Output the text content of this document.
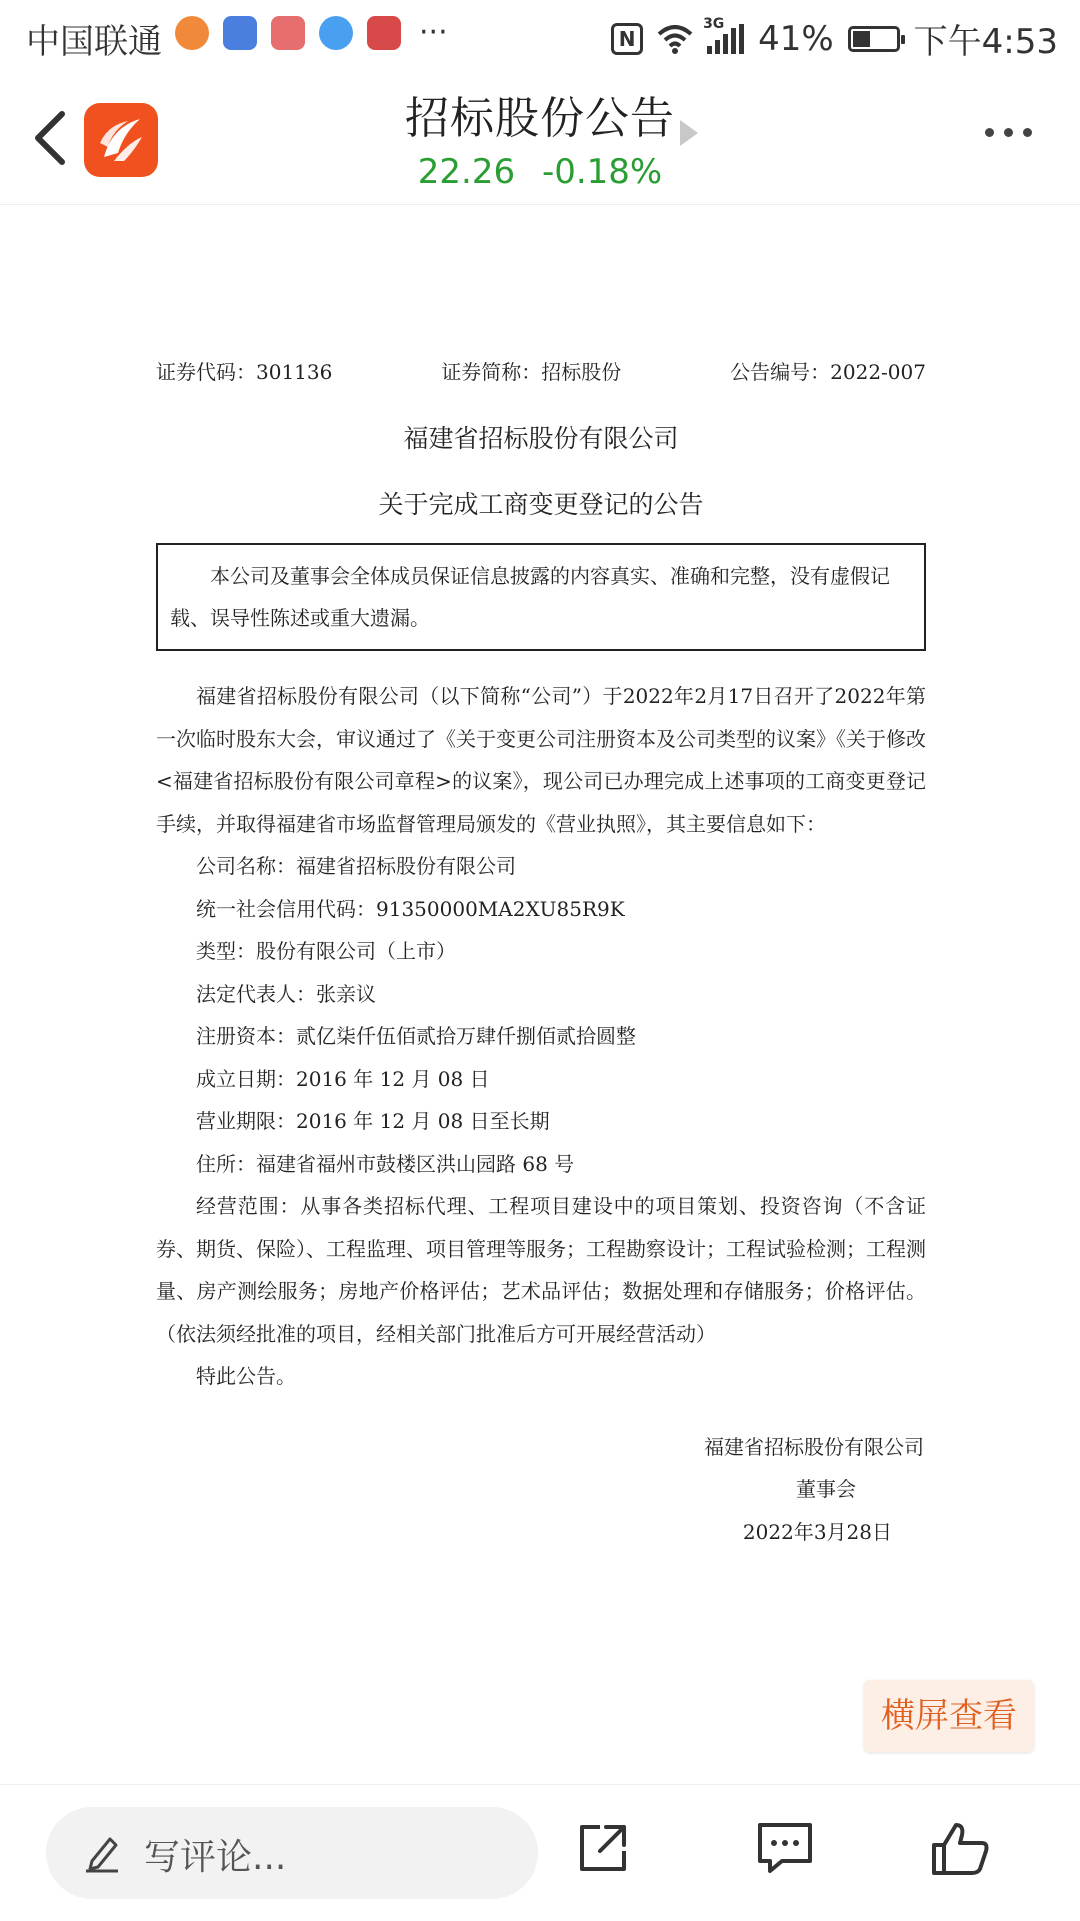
中国联通	···	N
3G 41% 下午4:53
招标股份公告
22.26 -0.18%
证券代码：301136	证券简称：招标股份	公告编号：2022-007
福建省招标股份有限公司
关于完成工商变更登记的公告
本公司及董事会全体成员保证信息披露的内容真实、准确和完整，没有虚假记载、误导性陈述或重大遗漏。
福建省招标股份有限公司（以下简称“公司”）于2022年2月17日召开了2022年第一次临时股东大会，审议通过了《关于变更公司注册资本及公司类型的议案》《关于修改<福建省招标股份有限公司章程>的议案》，现公司已办理完成上述事项的工商变更登记手续，并取得福建省市场监督管理局颁发的《营业执照》，其主要信息如下：
公司名称：福建省招标股份有限公司
统一社会信用代码：91350000MA2XU85R9K
类型：股份有限公司（上市）
法定代表人：张亲议
注册资本：贰亿柒仟伍佰贰拾万肆仟捌佰贰拾圆整
成立日期：2016 年 12 月 08 日
营业期限：2016 年 12 月 08 日至长期
住所：福建省福州市鼓楼区洪山园路 68 号
经营范围：从事各类招标代理、工程项目建设中的项目策划、投资咨询（不含证券、期货、保险）、工程监理、项目管理等服务；工程勘察设计；工程试验检测；工程测量、房产测绘服务；房地产价格评估；艺术品评估；数据处理和存储服务；价格评估。（依法须经批准的项目，经相关部门批准后方可开展经营活动）
特此公告。
福建省招标股份有限公司
董事会
2022年3月28日
横屏查看
写评论...
